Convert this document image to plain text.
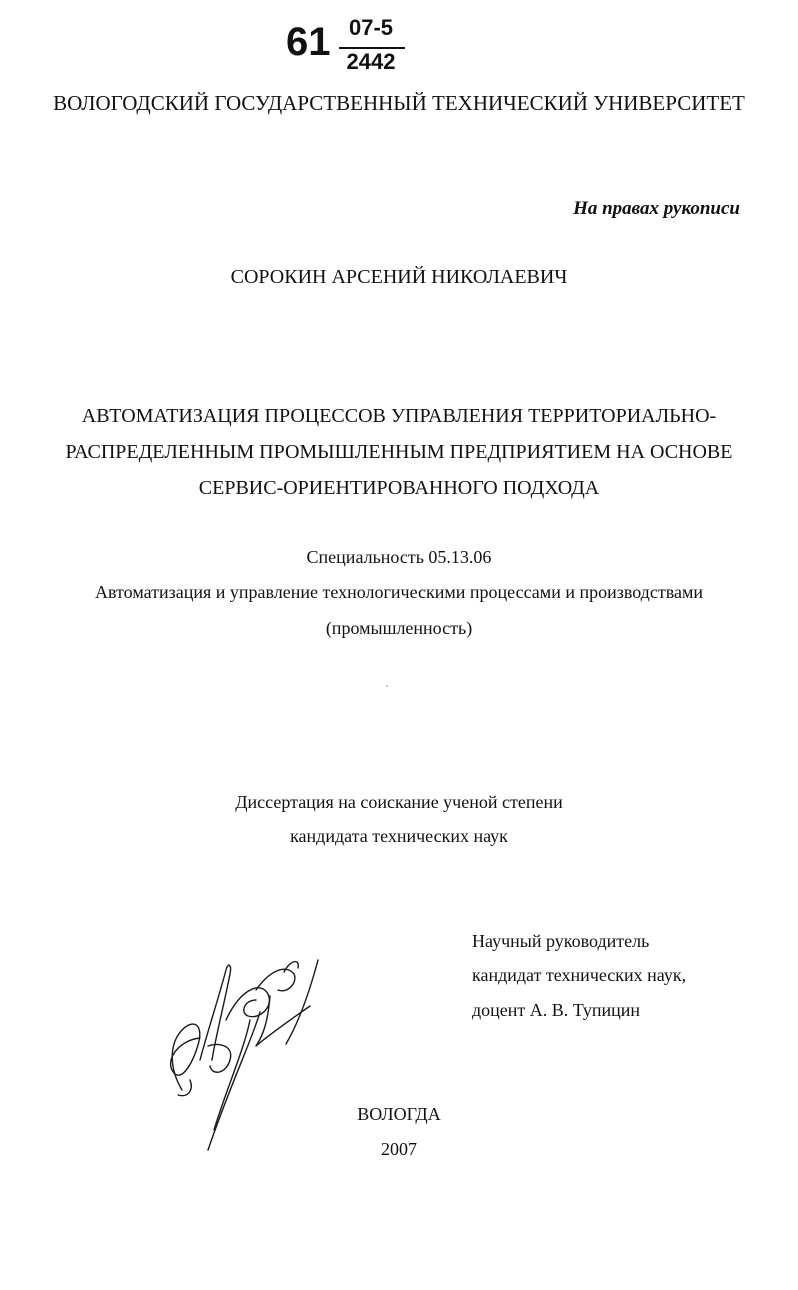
61 07-5
2442
ВОЛОГОДСКИЙ ГОСУДАРСТВЕННЫЙ ТЕХНИЧЕСКИЙ УНИВЕРСИТЕТ
На правах рукописи
СОРОКИН АРСЕНИЙ НИКОЛАЕВИЧ
АВТОМАТИЗАЦИЯ ПРОЦЕССОВ УПРАВЛЕНИЯ ТЕРРИТОРИАЛЬНО-
РАСПРЕДЕЛЕННЫМ ПРОМЫШЛЕННЫМ ПРЕДПРИЯТИЕМ НА ОСНОВЕ
СЕРВИС-ОРИЕНТИРОВАННОГО ПОДХОДА
Специальность 05.13.06
Автоматизация и управление технологическими процессами и производствами
(промышленность)
Диссертация на соискание ученой степени
кандидата технических наук
Научный руководитель
кандидат технических наук,
доцент А. В. Тупицин
ВОЛОГДА
2007
